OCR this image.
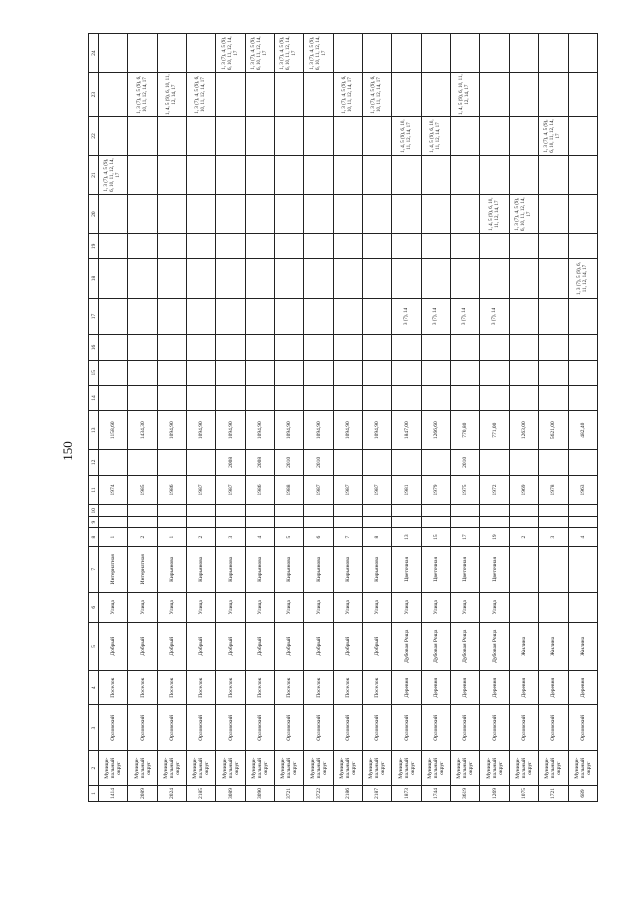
150
1	2	3	4	5	6	7	8	9	10	11	12	13	14	15	16	17	18	19	20	21	22	23	24
1414	Муници-пальный округ	Орловский	Поселок	Добрый	Улица	Интернатная	1			1974		1158,60								1, 3 (7), 4, 5 (9), 6, 10, 11, 12, 14, 17			
2089	Муници-пальный округ	Орловский	Поселок	Добрый	Улица	Интернатная	2			1985		1434,30										1, 3 (7), 4, 5 (9), 6, 10, 11, 12, 14, 17	
2024	Муници-пальный округ	Орловский	Поселок	Добрый	Улица	Кирьянова	1			1986		1094,90										1, 4, 5 (9), 6, 10, 11, 12, 14, 17	
2185	Муници-пальный округ	Орловский	Поселок	Добрый	Улица	Кирьянова	2			1987		1094,90										1, 3 (7), 4, 5 (9), 6, 10, 11, 12, 14, 17	
3089	Муници-пальный округ	Орловский	Поселок	Добрый	Улица	Кирьянова	3			1987	2008	1094,90											1, 3 (7), 4, 5 (9), 6, 10, 11, 12, 14, 17
3090	Муници-пальный округ	Орловский	Поселок	Добрый	Улица	Кирьянова	4			1986	2008	1094,90											1, 3 (7), 4, 5 (9), 6, 10, 11, 12, 14, 17
3721	Муници-пальный округ	Орловский	Поселок	Добрый	Улица	Кирьянова	5			1988	2010	1094,90											1, 3 (7), 4, 5 (9), 6, 10, 11, 12, 14, 17
3722	Муници-пальный округ	Орловский	Поселок	Добрый	Улица	Кирьянова	6			1987	2010	1094,90											1, 3 (7), 4, 5 (9), 6, 10, 11, 12, 14, 17
2186	Муници-пальный округ	Орловский	Поселок	Добрый	Улица	Кирьянова	7			1987		1094,90										1, 3 (7), 4, 5 (9), 6, 10, 11, 12, 14, 17	
2187	Муници-пальный округ	Орловский	Поселок	Добрый	Улица	Кирьянова	8			1987		1094,90										1, 3 (7), 4, 5 (9), 6, 10, 11, 12, 14, 17	
1873	Муници-пальный округ	Орловский	Деревня	Дубовая Роща	Улица	Цветочная	13			1981		1847,00				3 (7), 14					1, 4, 5 (9), 6, 10, 11, 12, 14, 17		
1744	Муници-пальный округ	Орловский	Деревня	Дубовая Роща	Улица	Цветочная	15			1979		1266,60				3 (7), 14					1, 4, 5 (9), 6, 10, 11, 12, 14, 17		
3619	Муници-пальный округ	Орловский	Деревня	Дубовая Роща	Улица	Цветочная	17			1975	2010	770,80				3 (7), 14						1, 4, 5 (9), 6, 10, 11, 12, 14, 17	
1269	Муници-пальный округ	Орловский	Деревня	Дубовая Роща	Улица	Цветочная	19			1972		771,00				3 (7), 14			1, 4, 5 (9), 6, 10, 11, 12, 14, 17				
1075	Муници-пальный округ	Орловский	Деревня	Жилина			2			1969		1263,00							1, 3 (7), 4, 5 (9), 6, 10, 11, 12, 14, 17				
1721	Муници-пальный округ	Орловский	Деревня	Жилина			3			1978		5621,00									1, 3 (7), 4, 5 (9), 6, 10, 11, 12, 14, 17		
689	Муници-пальный округ	Орловский	Деревня	Жилина			4			1963		482,40					1, 3 (7), 5 (9), 6, 11, 12, 14, 17						
